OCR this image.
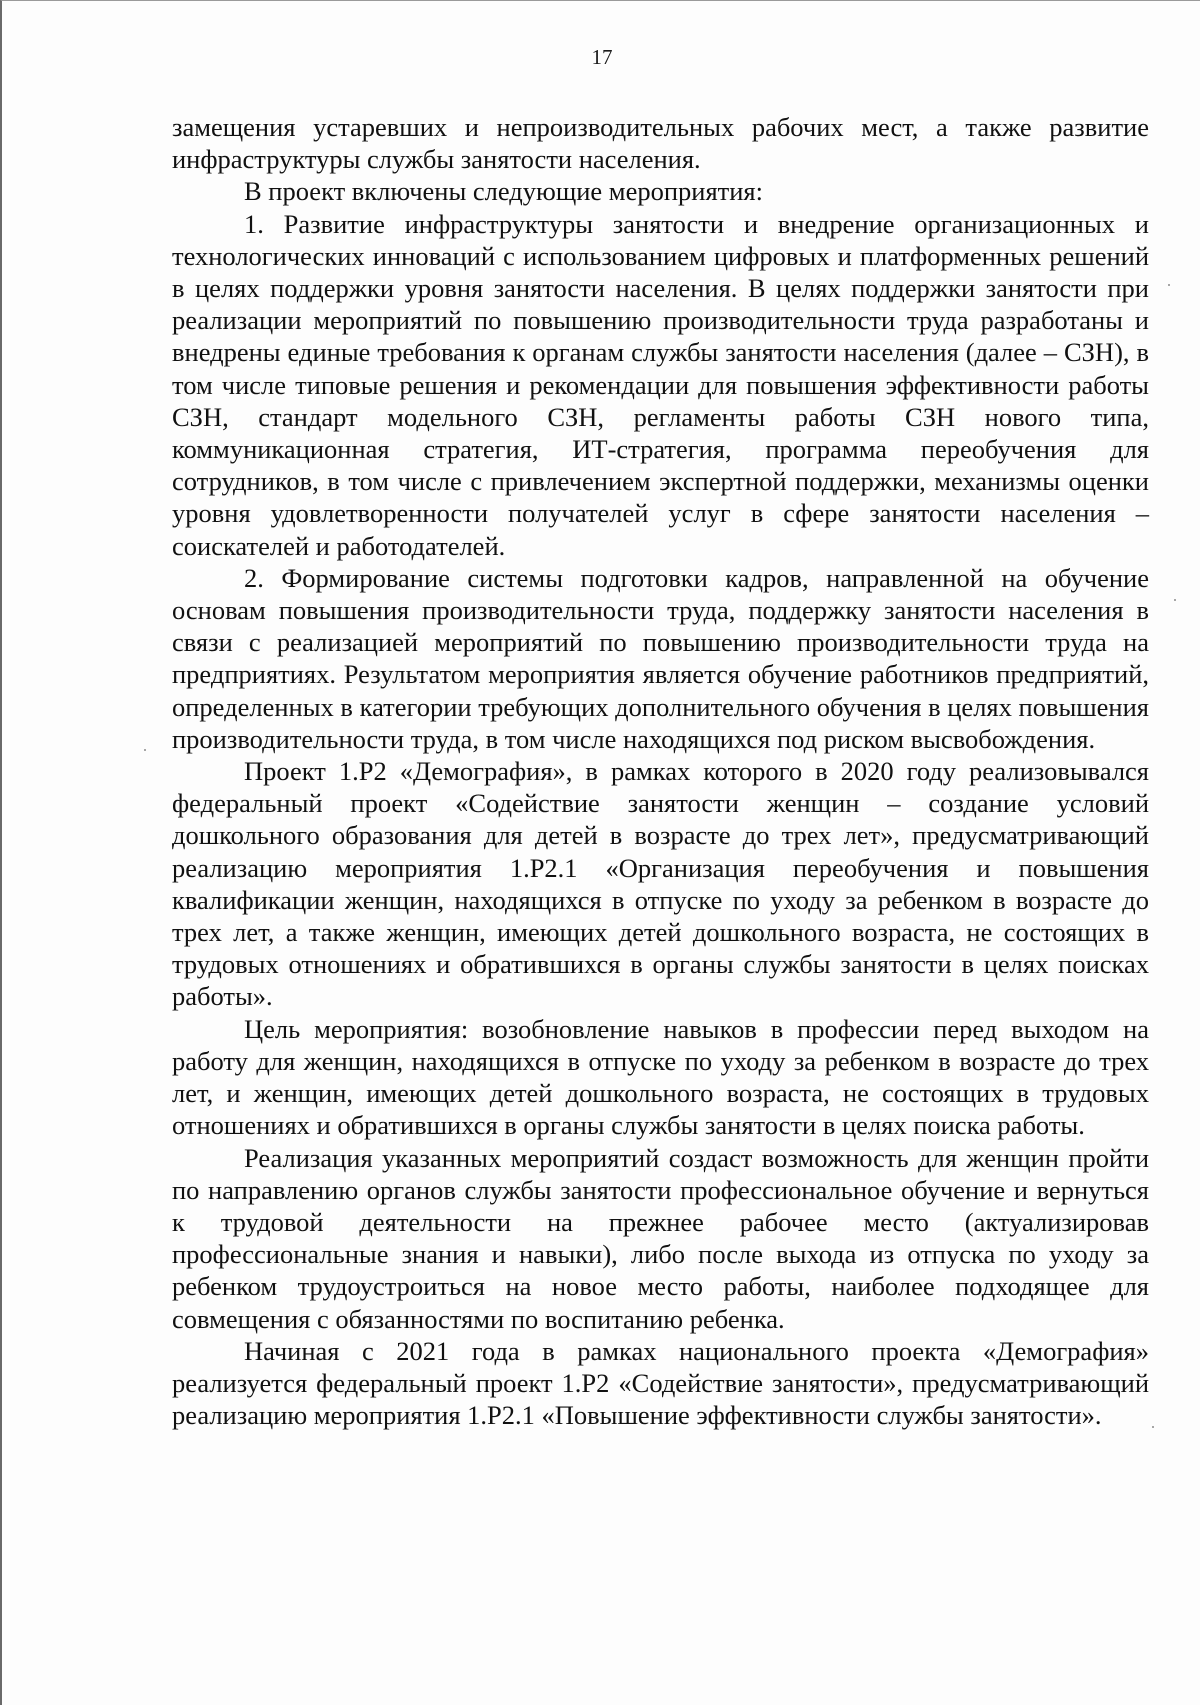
17

замещения устаревших и непроизводительных рабочих мест, а также развитие инфраструктуры службы занятости населения.

В проект включены следующие мероприятия:

1. Развитие инфраструктуры занятости и внедрение организационных и технологических инноваций с использованием цифровых и платформенных решений в целях поддержки уровня занятости населения. В целях поддержки занятости при реализации мероприятий по повышению производительности труда разработаны и внедрены единые требования к органам службы занятости населения (далее – СЗН), в том числе типовые решения и рекомендации для повышения эффективности работы СЗН, стандарт модельного СЗН, регламенты работы СЗН нового типа, коммуникационная стратегия, ИТ-стратегия, программа переобучения для сотрудников, в том числе с привлечением экспертной поддержки, механизмы оценки уровня удовлетворенности получателей услуг в сфере занятости населения – соискателей и работодателей.

2. Формирование системы подготовки кадров, направленной на обучение основам повышения производительности труда, поддержку занятости населения в связи с реализацией мероприятий по повышению производительности труда на предприятиях. Результатом мероприятия является обучение работников предприятий, определенных в категории требующих дополнительного обучения в целях повышения производительности труда, в том числе находящихся под риском высвобождения.

Проект 1.Р2 «Демография», в рамках которого в 2020 году реализовывался федеральный проект «Содействие занятости женщин – создание условий дошкольного образования для детей в возрасте до трех лет», предусматривающий реализацию мероприятия 1.Р2.1 «Организация переобучения и повышения квалификации женщин, находящихся в отпуске по уходу за ребенком в возрасте до трех лет, а также женщин, имеющих детей дошкольного возраста, не состоящих в трудовых отношениях и обратившихся в органы службы занятости в целях поисках работы».

Цель мероприятия: возобновление навыков в профессии перед выходом на работу для женщин, находящихся в отпуске по уходу за ребенком в возрасте до трех лет, и женщин, имеющих детей дошкольного возраста, не состоящих в трудовых отношениях и обратившихся в органы службы занятости в целях поиска работы.

Реализация указанных мероприятий создаст возможность для женщин пройти по направлению органов службы занятости профессиональное обучение и вернуться к трудовой деятельности на прежнее рабочее место (актуализировав профессиональные знания и навыки), либо после выхода из отпуска по уходу за ребенком трудоустроиться на новое место работы, наиболее подходящее для совмещения с обязанностями по воспитанию ребенка.

Начиная с 2021 года в рамках национального проекта «Демография» реализуется федеральный проект 1.Р2 «Содействие занятости», предусматривающий реализацию мероприятия 1.Р2.1 «Повышение эффективности службы занятости».
